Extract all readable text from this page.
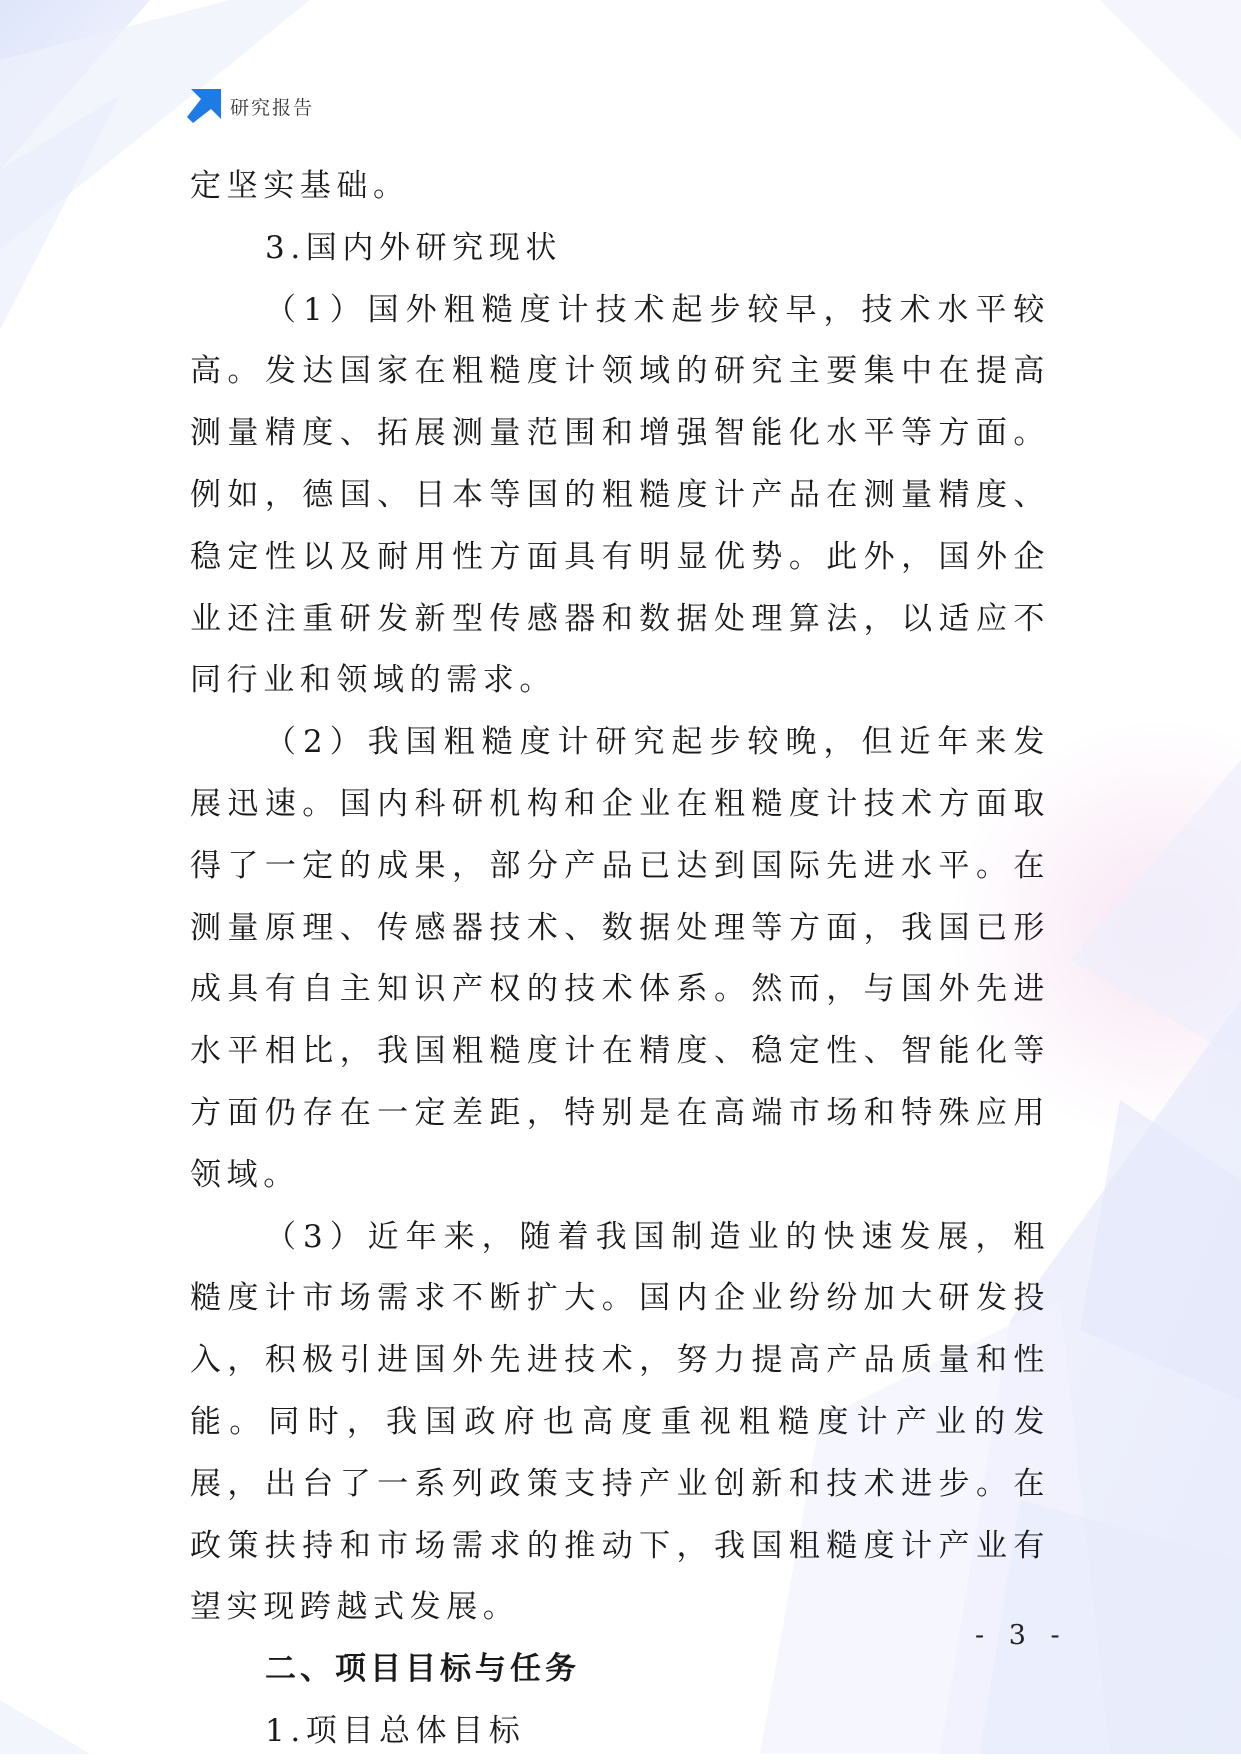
研究报告

定坚实基础。

3.国内外研究现状

（1）国外粗糙度计技术起步较早，技术水平较高。发达国家在粗糙度计领域的研究主要集中在提高测量精度、拓展测量范围和增强智能化水平等方面。例如，德国、日本等国的粗糙度计产品在测量精度、稳定性以及耐用性方面具有明显优势。此外，国外企业还注重研发新型传感器和数据处理算法，以适应不同行业和领域的需求。

（2）我国粗糙度计研究起步较晚，但近年来发展迅速。国内科研机构和企业在粗糙度计技术方面取得了一定的成果，部分产品已达到国际先进水平。在测量原理、传感器技术、数据处理等方面，我国已形成具有自主知识产权的技术体系。然而，与国外先进水平相比，我国粗糙度计在精度、稳定性、智能化等方面仍存在一定差距，特别是在高端市场和特殊应用领域。

（3）近年来，随着我国制造业的快速发展，粗糙度计市场需求不断扩大。国内企业纷纷加大研发投入，积极引进国外先进技术，努力提高产品质量和性能。同时，我国政府也高度重视粗糙度计产业的发展，出台了一系列政策支持产业创新和技术进步。在政策扶持和市场需求的推动下，我国粗糙度计产业有望实现跨越式发展。

二、项目目标与任务

1.项目总体目标

- 3 -
